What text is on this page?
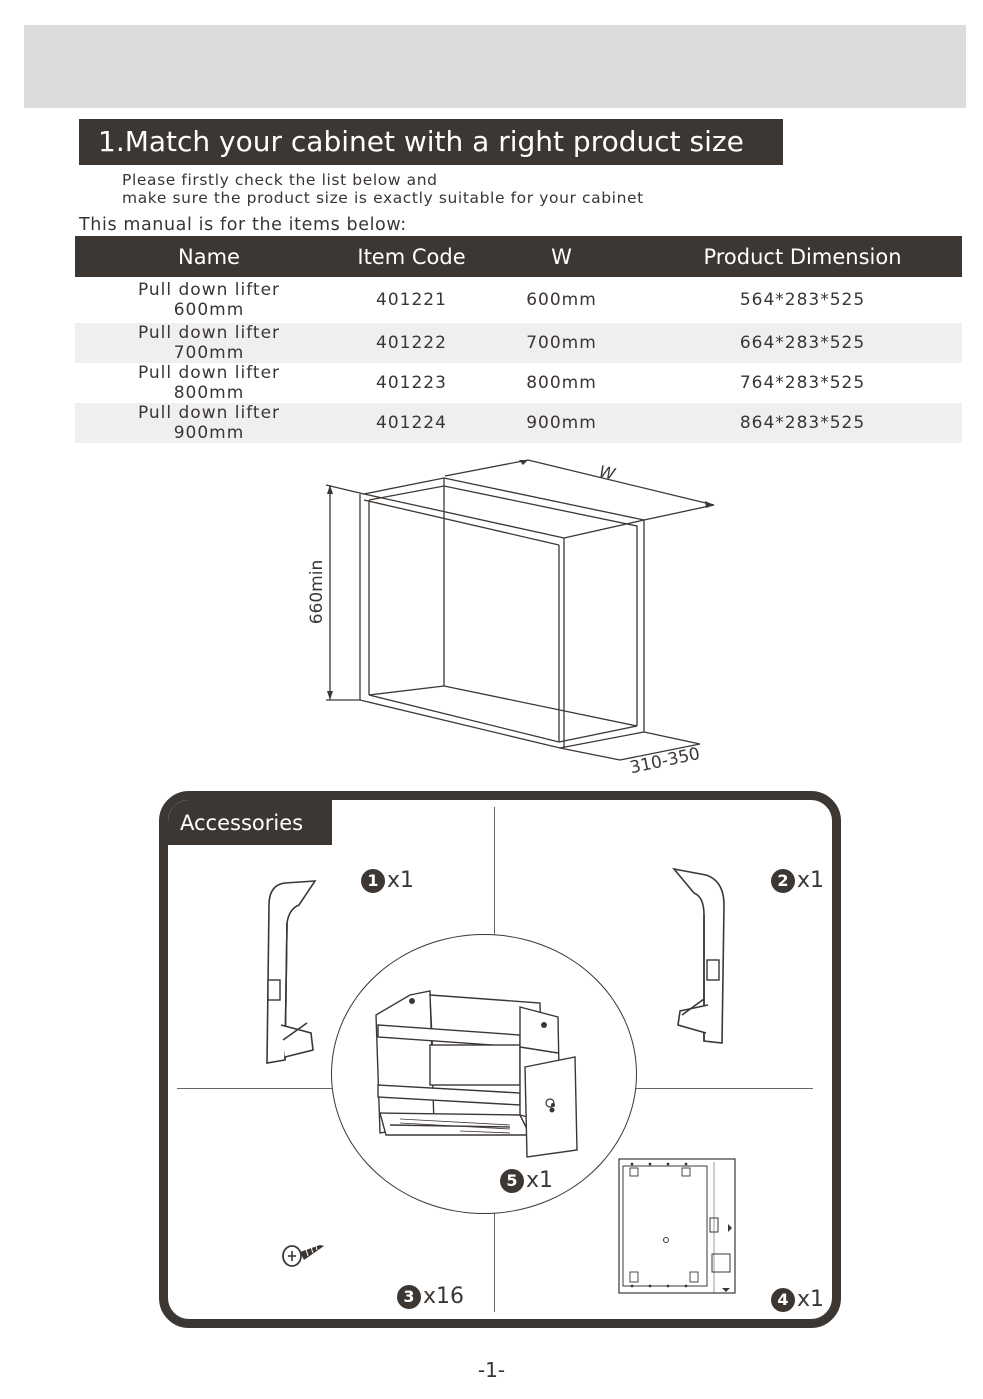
1.Match your cabinet with a right product size
Please firstly check the list below and
make sure the product size is exactly suitable for your cabinet
This manual is for the items below:
Name	Item Code	W	Product Dimension

Pull down lifter
600mm	401221	600mm	564*283*525

Pull down lifter
700mm	401222	700mm	664*283*525

Pull down lifter
800mm	401223	800mm	764*283*525

Pull down lifter
900mm	401224	900mm	864*283*525
660min
W
310-350
Accessories
1 x1	2 x1
3 x16	4 x1
5 x1
-1-
